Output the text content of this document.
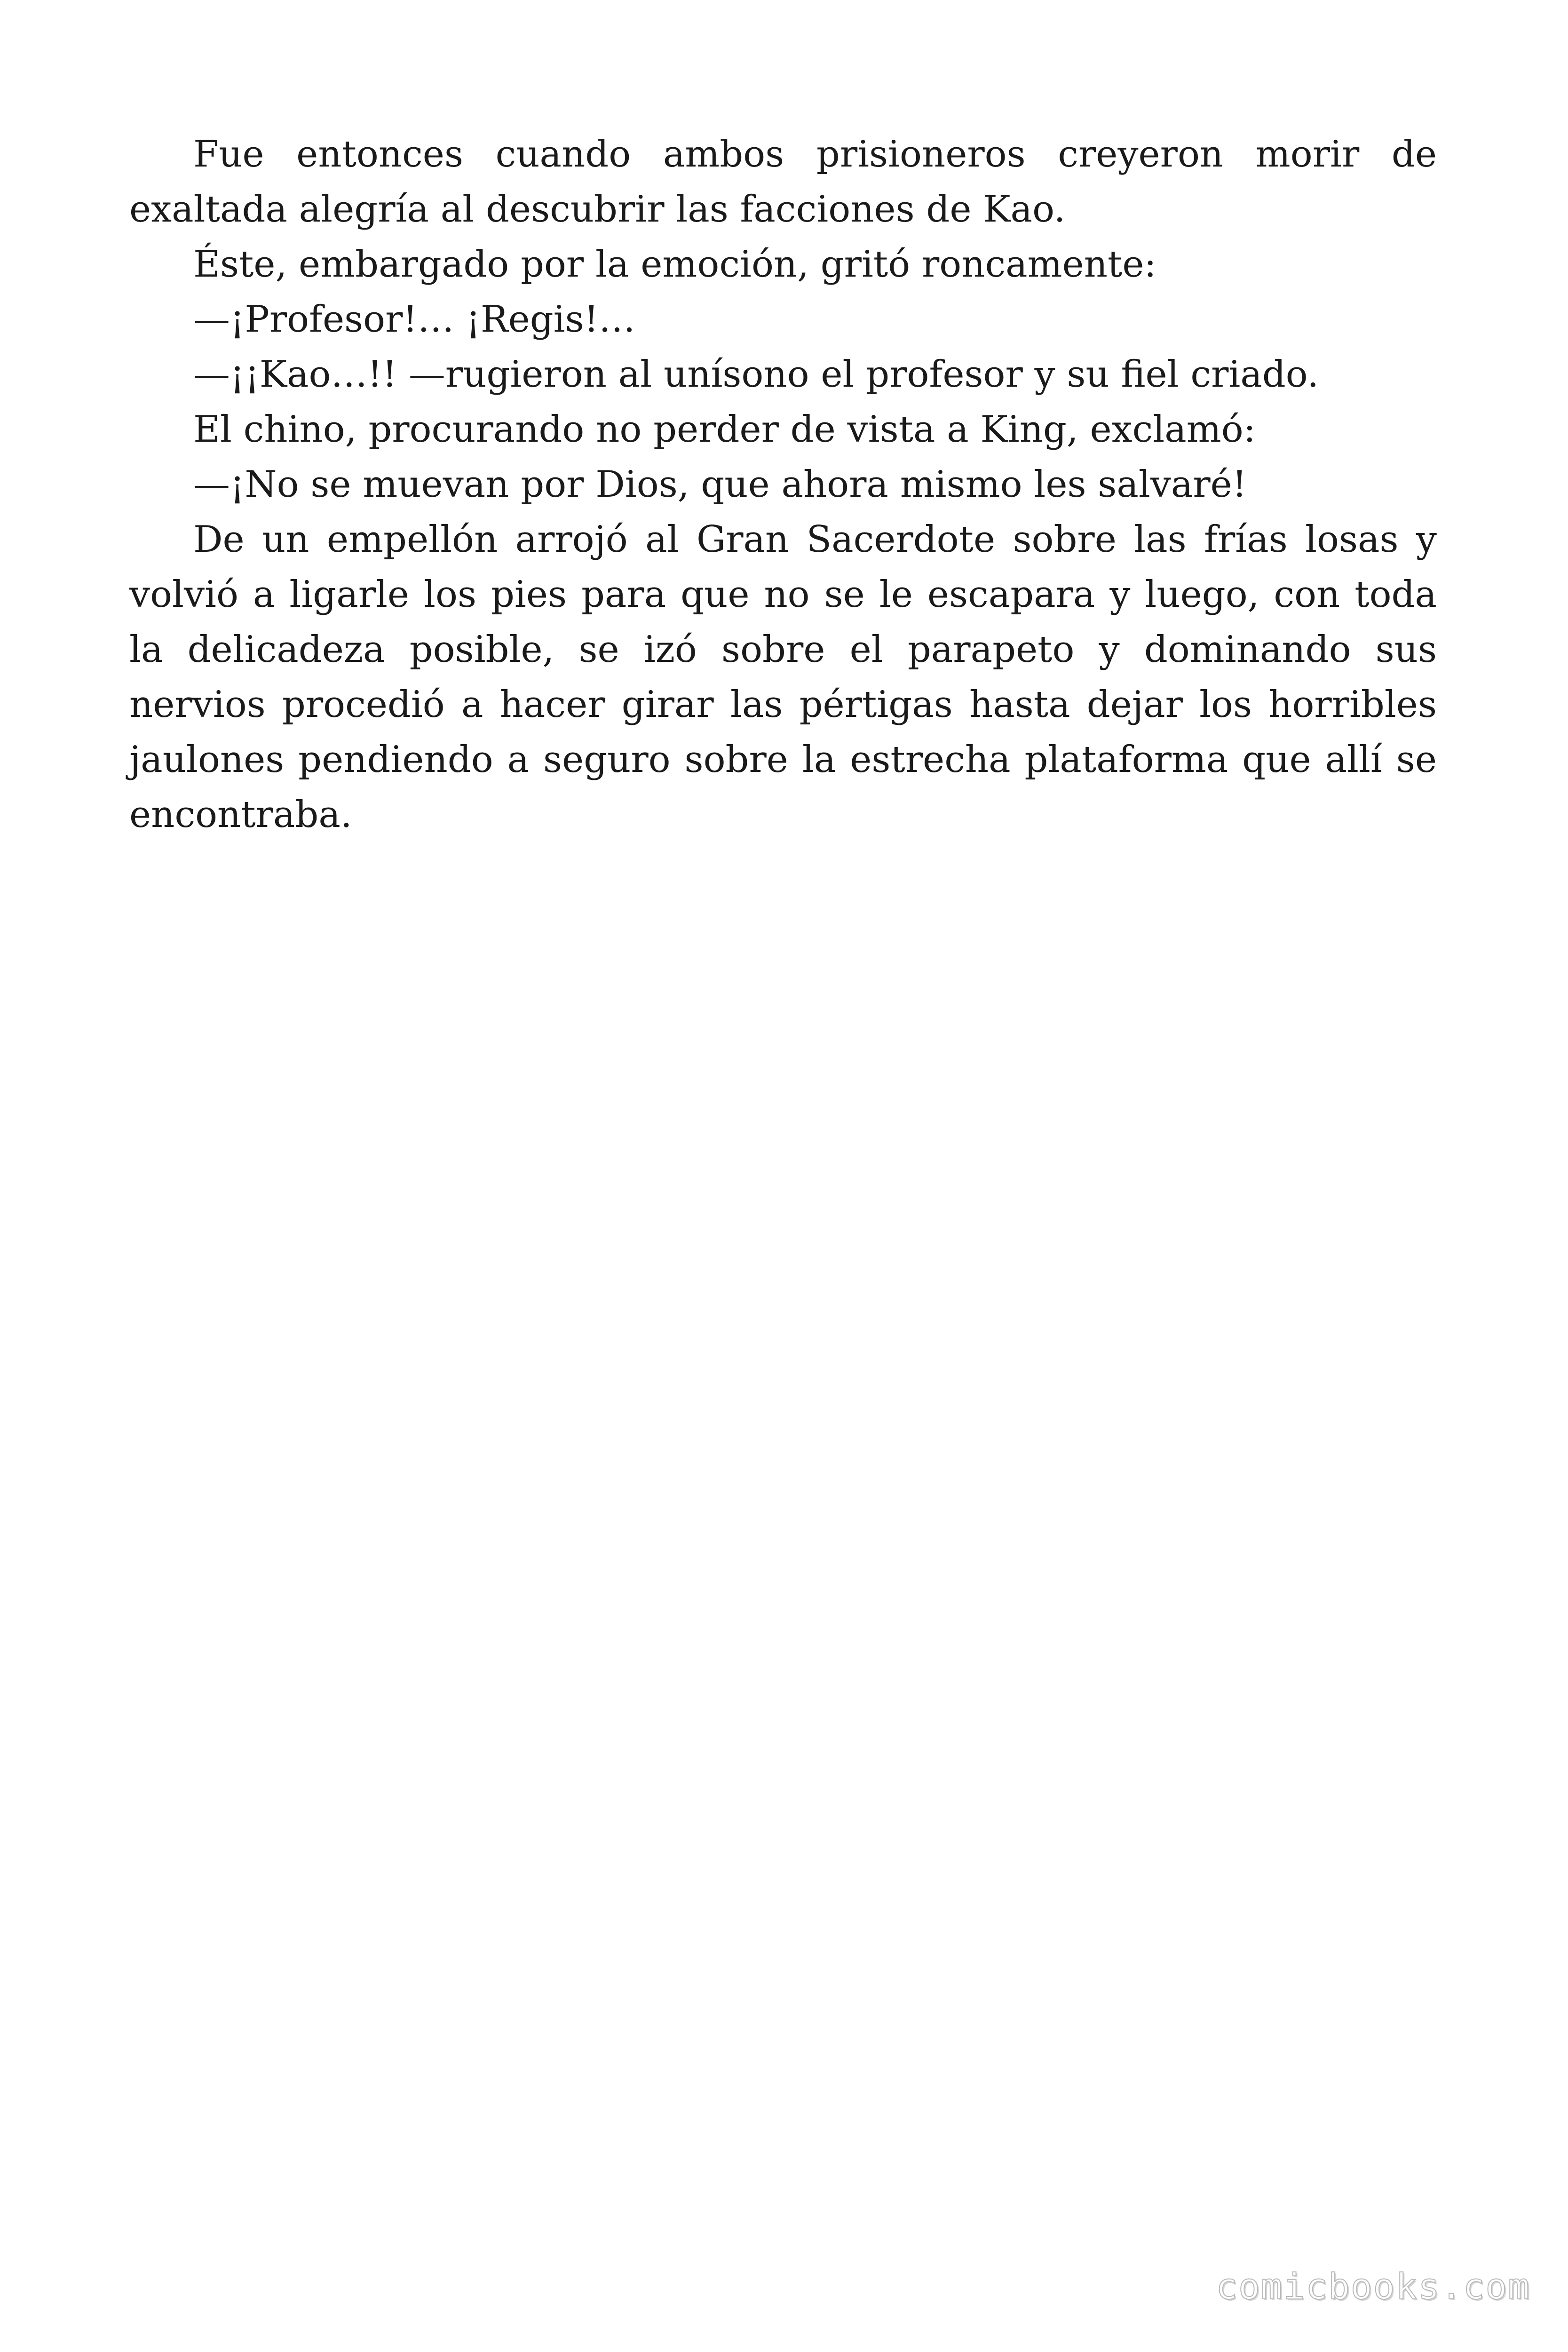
Fue entonces cuando ambos prisioneros creyeron morir de exaltada alegría al descubrir las facciones de Kao.

Éste, embargado por la emoción, gritó roncamente:

—¡Profesor!… ¡Regis!…

—¡¡Kao…!! —rugieron al unísono el profesor y su fiel criado.

El chino, procurando no perder de vista a King, exclamó:

—¡No se muevan por Dios, que ahora mismo les salvaré!

De un empellón arrojó al Gran Sacerdote sobre las frías losas y volvió a ligarle los pies para que no se le escapara y luego, con toda la delicadeza posible, se izó sobre el parapeto y dominando sus nervios procedió a hacer girar las pértigas hasta dejar los horribles jaulones pendiendo a seguro sobre la estrecha plataforma que allí se encontraba.

comicbooks.com
